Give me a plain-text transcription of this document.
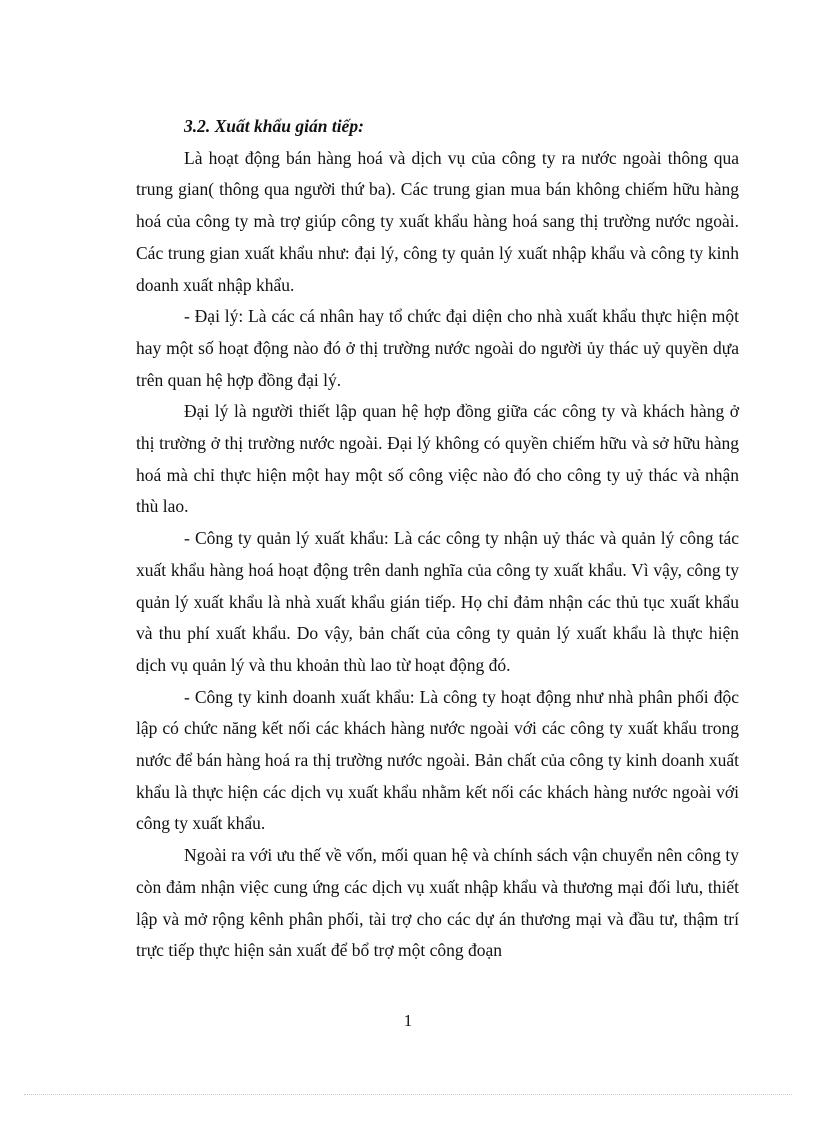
3.2. Xuất khẩu gián tiếp:

Là hoạt động bán hàng hoá và dịch vụ của công ty ra nước ngoài thông qua trung gian( thông qua người thứ ba). Các trung gian mua bán không chiếm hữu hàng hoá của công ty mà trợ giúp công ty xuất khẩu hàng hoá sang thị trường nước ngoài. Các trung gian xuất khẩu như: đại lý, công ty quản lý xuất nhập khẩu và công ty kinh doanh xuất nhập khẩu.

- Đại lý: Là các cá nhân hay tổ chức đại diện cho nhà xuất khẩu thực hiện một hay một số hoạt động nào đó ở thị trường nước ngoài do người ủy thác uỷ quyền dựa trên quan hệ hợp đồng đại lý.

Đại lý là người thiết lập quan hệ hợp đồng giữa các công ty và khách hàng ở thị trường ở thị trường nước ngoài. Đại lý không có quyền chiếm hữu và sở hữu hàng hoá mà chỉ thực hiện một hay một số công việc nào đó cho công ty uỷ thác và nhận thù lao.

- Công ty quản lý xuất khẩu: Là các công ty nhận uỷ thác và quản lý công tác xuất khẩu hàng hoá hoạt động trên danh nghĩa của công ty xuất khẩu. Vì vậy, công ty quản lý xuất khẩu là nhà xuất khẩu gián tiếp. Họ chỉ đảm nhận các thủ tục xuất khẩu và thu phí xuất khẩu. Do vậy, bản chất của công ty quản lý xuất khẩu là thực hiện dịch vụ quản lý và thu khoản thù lao từ hoạt động đó.

- Công ty kinh doanh xuất khẩu: Là công ty hoạt động như nhà phân phối độc lập có chức năng kết nối các khách hàng nước ngoài với các công ty xuất khẩu trong nước để bán hàng hoá ra thị trường nước ngoài. Bản chất của công ty kinh doanh xuất khẩu là thực hiện các dịch vụ xuất khẩu nhằm kết nối các khách hàng nước ngoài với công ty xuất khẩu.

Ngoài ra với ưu thế về vốn, mối quan hệ và chính sách vận chuyển nên công ty còn đảm nhận việc cung ứng các dịch vụ xuất nhập khẩu và thương mại đối lưu, thiết lập và mở rộng kênh phân phối, tài trợ cho các dự án thương mại và đầu tư, thậm trí trực tiếp thực hiện sản xuất để bổ trợ một công đoạn

1
